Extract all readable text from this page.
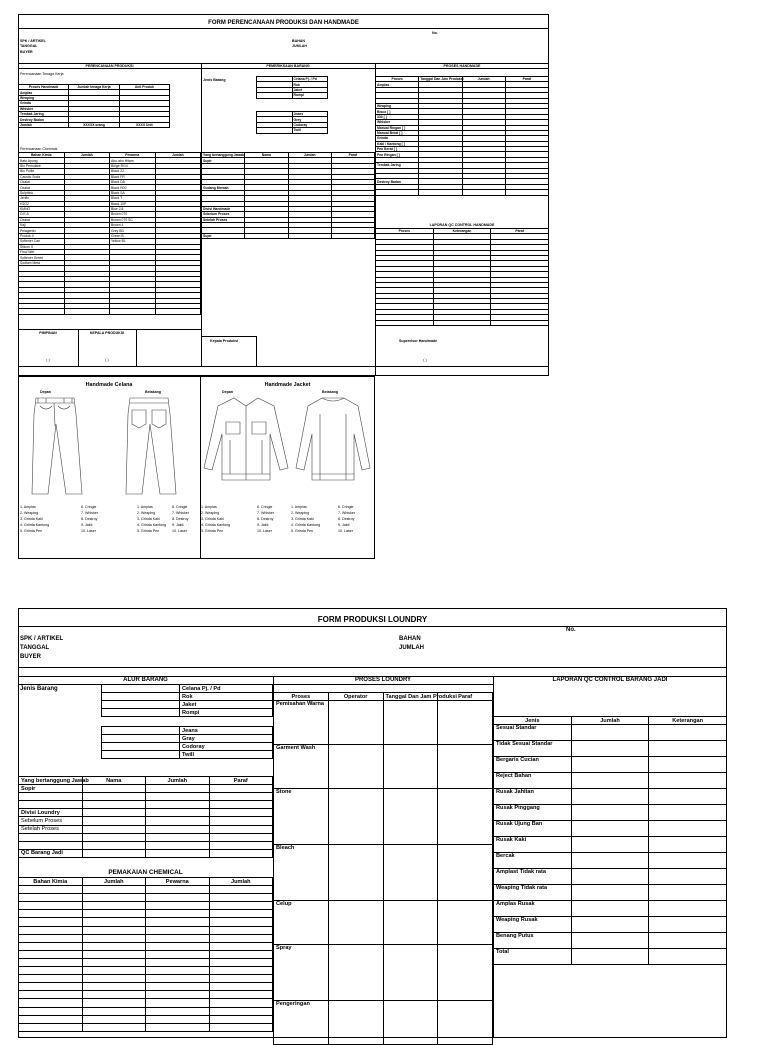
FORM PERENCANAAN PRODUKSI DAN HANDMADE
No.
SPK / ARTIKEL
TANGGAL
BUYER
BAHAN
JUMLAH
PERENCANAAN PRODUKSI	PEMERIKSAAN BARANG	PROSES HANDMADE
Perencanaan Tenaga Kerja
Proses Handmade	Jumlah tenaga Kerja	Unit Produk
Amplas		
Weaping		
Grinda		
Whisker		
Tembak Jaring		
Destroy Badan		
Jumlah	XXXXX orang	XXXX Unit
Perencanaan Chemical
Bahan Kimia	Jumlah	Pewarna	Jumlah
Batu Apung		Abu-abu Hitam	
Bio Pemutiwe		Beige RGX	
Bio Polite		Black 22	
Caustic Soda		Black FR	
Oxalat		Black DA	
Oxalat		Black R00	
Sulphinu		Black SA	
Jenfix		Black T	
H2O2		Black 10P	
KMNO		Blue 2.8	
D.E.A		Brown 070	
Oxalat		Brown 070 SC	
Kaji		Brown 4	
Pelagentix		Grey BD	
Produk II		Green B	
Softener Can		Yellow BL	
Silicon II			
Finol Wet			
Softener Green			
Sodium Meta			

PIMPINAN	KEPALA PRODUKSI
( )	( )
Jenis Barang
		Celana Pj. / Pd
	Rok
	Jaket
	Rompi
	Jeans
	Grey
	Codoray
	Twill
Yang bertanggung Jawab	Nama	Jumlah	Paraf
Supir			

Gudang Mentah			

Divisi Handmade			
Sebelum Proses			
Setelah Proses			

Supir			
Kepala Produksi
Proses	Tanggal Dan Jam Produksi	Jumlah	Paraf
Amplas			

Weaping			
Bisco [ ]			
330 [ ]			
Whisker			
Manual Ringan [ ]			
Manual Berat [ ]			
Grinda			
Kaki / Kantong [ ]			
Pen Berat [ ]			
Pen Ringan [ ]			

Tembak Jaring			

Destroy Badan			

LAPORAN QC CONTROL HANDMADE
Proses	Keterangan	Paraf

Supervisor Handmade
( )
Handmade Celana	Handmade Jacket
Depan	Belakang	Depan	Belakang
1. Amplas
2. Weaping
3. Grinda Kaki
4. Grinda Kantong
5. Grinda Pen
6. Cringle
7. Whisker
8. Destroy
9. Jakti
10. Laser
1. Amplas
2. Weaping
3. Grinda Kaki
4. Grinda Kantong
5. Grinda Pen
6. Cringle
7. Whisker
8. Destroy
9. Jakti
10. Laser
1. Amplas
2. Weaping
3. Grinda Kaki
4. Grinda Kantong
5. Grinda Pen
6. Cringle
7. Whisker
8. Destroy
9. Jakti
10. Laser
1. Amplas
2. Weaping
3. Grinda Kaki
4. Grinda Kantong
5. Grinda Pen
6. Cringle
7. Whisker
8. Destroy
9. Jakti
10. Laser
FORM PRODUKSI LOUNDRY
No.
SPK / ARTIKEL
TANGGAL
BUYER
BAHAN
JUMLAH
ALUR BARANG	PROSES LOUNDRY	LAPORAN QC CONTROL BARANG JADI
Jenis Barang
		Celana Pj. / Pd
	Rok
	Jaket
	Rompi
	Jeans
	Gray
	Codoray
	Twill
Yang bertanggung Jawab	Nama	Jumlah	Paraf
Sopir			

Divisi Loundry			
Sebelum Proses			
Setelah Proses			

QC Barang Jadi			
PEMAKAIAN CHEMICAL
Bahan Kimia	Jumlah	Pewarna	Jumlah

Proses	Operator	Tanggal Dan Jam Produksi	Paraf
Pemisahan Warna			
Garment Wash			
Stone			
Bleach			
Celup			
Spray			
Pengeringan			
Jenis	Jumlah	Keterangan
Sesuai Standar		
Tidak Sesuai Standar		
Bergaris Cucian		
Reject Bahan		
Rusak Jahitan		
Rusak Pinggang		
Rusak Ujung Ban		
Rusak Kaki		
Bercak		
Amplast Tidak rata		
Weaping Tidak rata		
Amplas Rusak		
Weaping Rusak		
Benang Putus		
Total		
